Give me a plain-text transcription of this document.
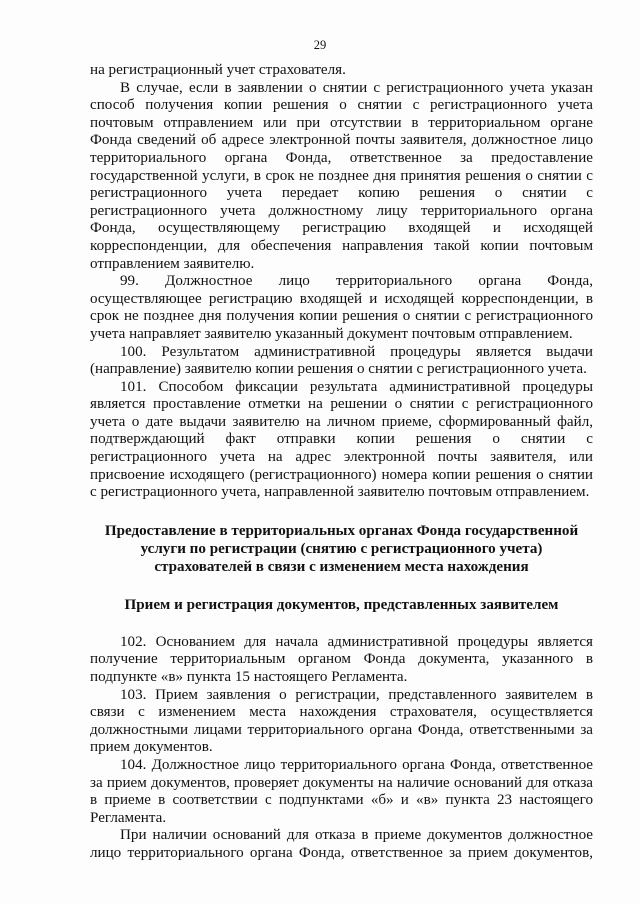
29

на регистрационный учет страхователя.

В случае, если в заявлении о снятии с регистрационного учета указан способ получения копии решения о снятии с регистрационного учета почтовым отправлением или при отсутствии в территориальном органе Фонда сведений об адресе электронной почты заявителя, должностное лицо территориального органа Фонда, ответственное за предоставление государственной услуги, в срок не позднее дня принятия решения о снятии с регистрационного учета передает копию решения о снятии с регистрационного учета должностному лицу территориального органа Фонда, осуществляющему регистрацию входящей и исходящей корреспонденции, для обеспечения направления такой копии почтовым отправлением заявителю.

99. Должностное лицо территориального органа Фонда, осуществляющее регистрацию входящей и исходящей корреспонденции, в срок не позднее дня получения копии решения о снятии с регистрационного учета направляет заявителю указанный документ почтовым отправлением.

100. Результатом административной процедуры является выдачи (направление) заявителю копии решения о снятии с регистрационного учета.

101. Способом фиксации результата административной процедуры является проставление отметки на решении о снятии с регистрационного учета о дате выдачи заявителю на личном приеме, сформированный файл, подтверждающий факт отправки копии решения о снятии с регистрационного учета на адрес электронной почты заявителя, или присвоение исходящего (регистрационного) номера копии решения о снятии с регистрационного учета, направленной заявителю почтовым отправлением.

Предоставление в территориальных органах Фонда государственной услуги по регистрации (снятию с регистрационного учета) страхователей в связи с изменением места нахождения

Прием и регистрация документов, представленных заявителем

102. Основанием для начала административной процедуры является получение территориальным органом Фонда документа, указанного в подпункте «в» пункта 15 настоящего Регламента.

103. Прием заявления о регистрации, представленного заявителем в связи с изменением места нахождения страхователя, осуществляется должностными лицами территориального органа Фонда, ответственными за прием документов.

104. Должностное лицо территориального органа Фонда, ответственное за прием документов, проверяет документы на наличие оснований для отказа в приеме в соответствии с подпунктами «б» и «в» пункта 23 настоящего Регламента.

При наличии оснований для отказа в приеме документов должностное лицо территориального органа Фонда, ответственное за прием документов,
